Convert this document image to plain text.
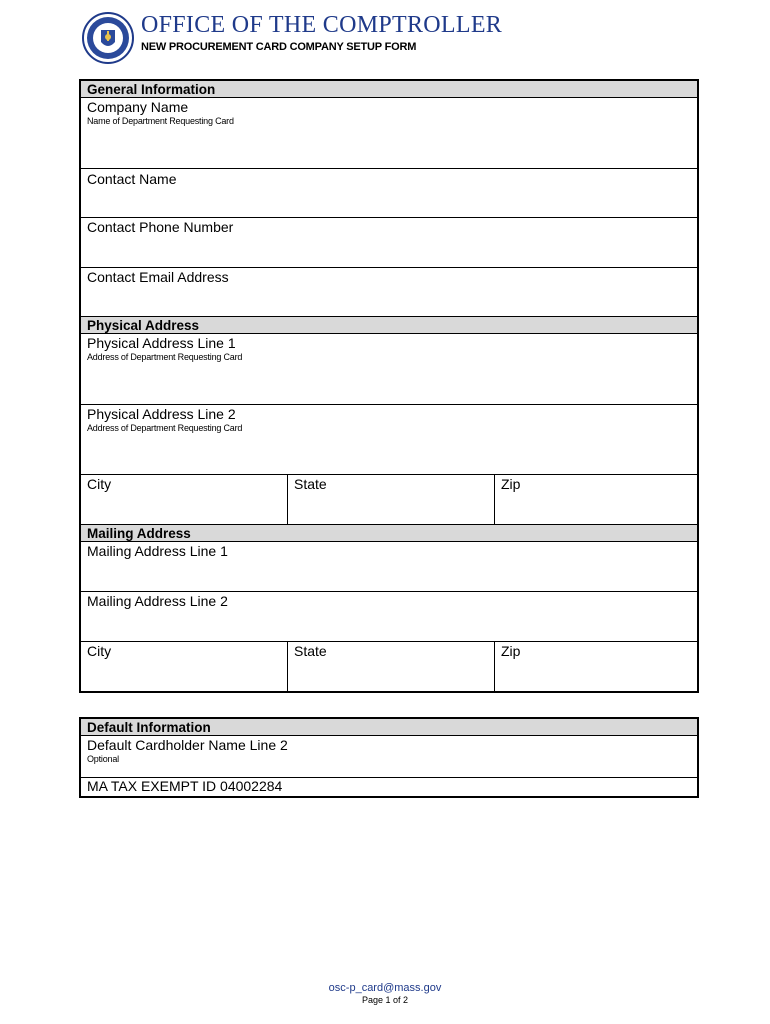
OFFICE OF THE COMPTROLLER
NEW PROCUREMENT CARD COMPANY SETUP FORM
General Information
Company Name
Name of Department Requesting Card
Contact Name
Contact Phone Number
Contact Email Address
Physical Address
Physical Address Line 1
Address of Department Requesting Card
Physical Address Line 2
Address of Department Requesting Card
City	State	Zip
Mailing Address
Mailing Address Line 1
Mailing Address Line 2
City	State	Zip
Default Information
Default Cardholder Name Line 2
Optional
MA TAX EXEMPT ID 04002284
osc-p_card@mass.gov
Page 1 of 2
